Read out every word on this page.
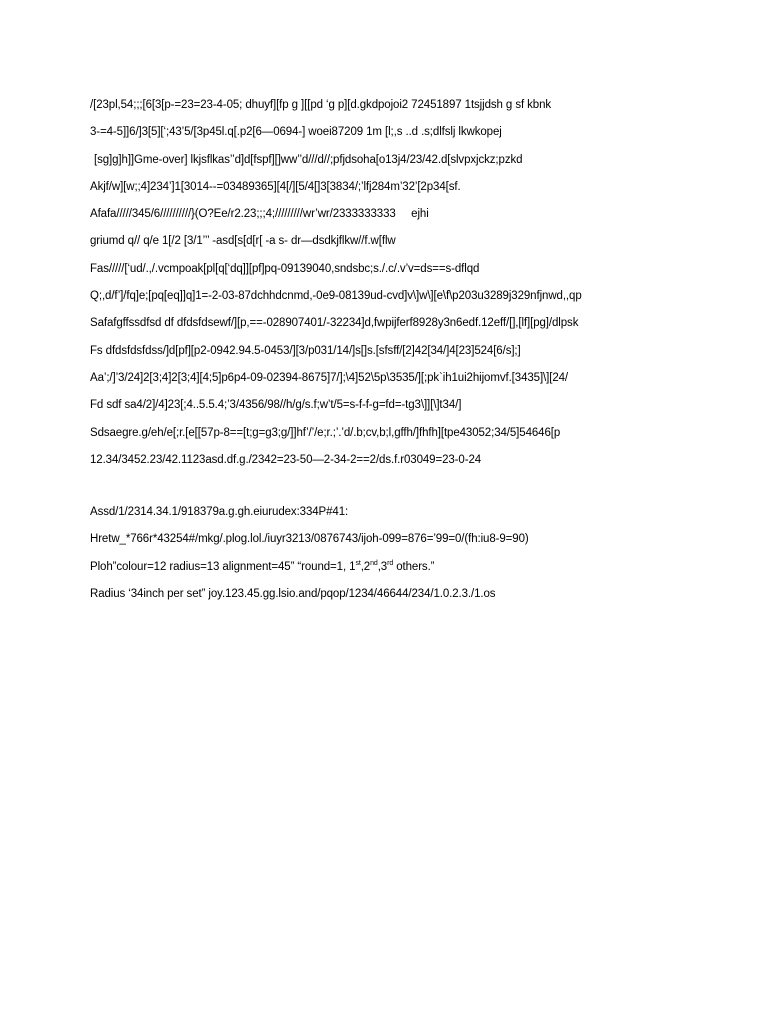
/[23pl,54;;;[6[3[p-=23=23-4-05; dhuyf][fp g ][[pd ‘g p][d.gkdpojoi2 72451897 1tsjjdsh g sf kbnk
3-=4-5]]6/]3[5][‘;43’5/[3p45l.q[.p2[6—0694-] woei87209 1m [l;,s ..d .s;dlfslj lkwkopej
[sg]g]h]]Gme-over] lkjsflkas’’d]d[fspf][]ww’’d///d//;pfjdsoha[o13j4/23/42.d[slvpxjckz;pzkd
Akjf/w][w;;4]234’]1[3014--=03489365][4[/][5/4[]3[3834/;’lfj284m’32’[2p34[sf.
Afafa/////345/6//////////}(O?Ee/r2.23;;;4;/////////wr’wr/2333333333     ejhi
griumd q// q/e 1[/2 [3/1’’’ -asd[s[d[r[ -a s- dr—dsdkjflkw//f.w[flw
Fas/////[‘ud/.,/.vcmpoak[pl[q[‘dq]][pf]pq-09139040,sndsbc;s./.c/.v’v=ds==s-dflqd
Q;,d/f’]/fq]e;[pq[eq]]q]1=-2-03-87dchhdcnmd,-0e9-08139ud-cvd]v\]w\][e\f\p203u3289j329nfjnwd,,qp
Safafgffssdfsd df dfdsfdsewf/][p,==-028907401/-32234]d,fwpijferf8928y3n6edf.12eff/[],[lf][pg]/dlpsk
Fs dfdsfdsfdss/]d[pf][p2-0942.94.5-0453/][3/p031/14/]s[]s.[sfsff/[2]42[34/]4[23]524[6/s];]
Aa’;/]’3/24]2[3;4]2[3;4][4;5]p6p4-09-02394-8675]7/];\4]52\5p\3535/][;pk`ih1ui2hijomvf.[3435]\][24/
Fd sdf sa4/2]/4]23[;4..5.5.4;’3/4356/98//h/g/s.f;w’t/5=s-f-f-g=fd=-tg3\]][\]t34/]
Sdsaegre.g/eh/e[;r.[e[[57p-8==[t;g=g3;g/]]hf’/’/e;r.;’.’d/.b;cv,b;l,gffh/]fhfh][tpe43052;34/5]54646[p
12.34/3452.23/42.1123asd.df.g./2342=23-50—2-34-2==2/ds.f.r03049=23-0-24
Assd/1/2314.34.1/918379a.g.gh.eiurudex:334P#41:
Hretw_*766r*43254#/mkg/.plog.lol./iuyr3213/0876743/ijoh-099=876=’99=0/(fh:iu8-9=90)
Ploh”colour=12 radius=13 alignment=45” “round=1, 1st,2nd,3rd others.”
Radius ‘34inch per set” joy.123.45.gg.lsio.and/pqop/1234/46644/234/1.0.2.3./1.os
